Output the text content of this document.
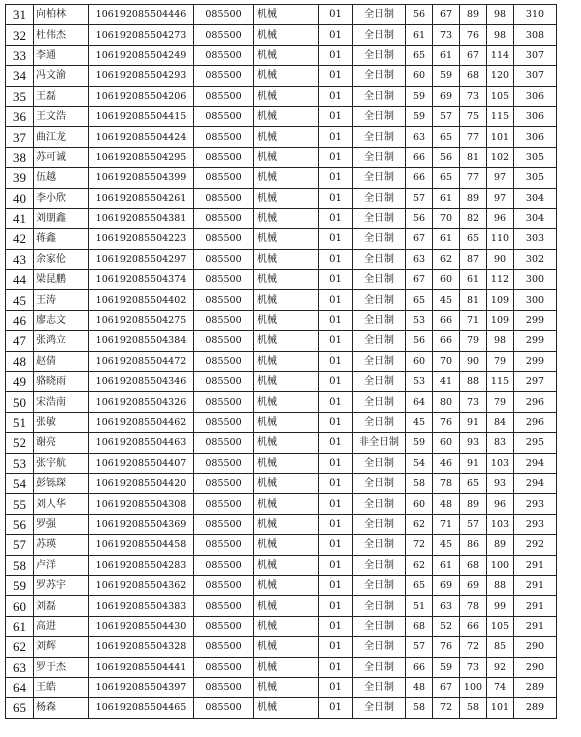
31	向柏林	106192085504446	085500	机械	01	全日制	56	67	89	98	310
32	杜伟杰	106192085504273	085500	机械	01	全日制	61	73	76	98	308
33	李通	106192085504249	085500	机械	01	全日制	65	61	67	114	307
34	冯文渝	106192085504293	085500	机械	01	全日制	60	59	68	120	307
35	王磊	106192085504206	085500	机械	01	全日制	59	69	73	105	306
36	王文浩	106192085504415	085500	机械	01	全日制	59	57	75	115	306
37	曲江龙	106192085504424	085500	机械	01	全日制	63	65	77	101	306
38	苏可诚	106192085504295	085500	机械	01	全日制	66	56	81	102	305
39	伍越	106192085504399	085500	机械	01	全日制	66	65	77	97	305
40	李小欣	106192085504261	085500	机械	01	全日制	57	61	89	97	304
41	刘朋鑫	106192085504381	085500	机械	01	全日制	56	70	82	96	304
42	蒋鑫	106192085504223	085500	机械	01	全日制	67	61	65	110	303
43	余家伦	106192085504297	085500	机械	01	全日制	63	62	87	90	302
44	梁昆鹏	106192085504374	085500	机械	01	全日制	67	60	61	112	300
45	王涛	106192085504402	085500	机械	01	全日制	65	45	81	109	300
46	廖志文	106192085504275	085500	机械	01	全日制	53	66	71	109	299
47	张鸿立	106192085504384	085500	机械	01	全日制	56	66	79	98	299
48	赵倩	106192085504472	085500	机械	01	全日制	60	70	90	79	299
49	骆晓雨	106192085504346	085500	机械	01	全日制	53	41	88	115	297
50	宋浩南	106192085504326	085500	机械	01	全日制	64	80	73	79	296
51	张敏	106192085504462	085500	机械	01	全日制	45	76	91	84	296
52	谢亮	106192085504463	085500	机械	01	非全日制	59	60	93	83	295
53	张宇航	106192085504407	085500	机械	01	全日制	54	46	91	103	294
54	彭铄琛	106192085504420	085500	机械	01	全日制	58	78	65	93	294
55	刘人华	106192085504308	085500	机械	01	全日制	60	48	89	96	293
56	罗强	106192085504369	085500	机械	01	全日制	62	71	57	103	293
57	苏瑛	106192085504458	085500	机械	01	全日制	72	45	86	89	292
58	卢洋	106192085504283	085500	机械	01	全日制	62	61	68	100	291
59	罗苏宇	106192085504362	085500	机械	01	全日制	65	69	69	88	291
60	刘磊	106192085504383	085500	机械	01	全日制	51	63	78	99	291
61	高进	106192085504430	085500	机械	01	全日制	68	52	66	105	291
62	刘辉	106192085504328	085500	机械	01	全日制	57	76	72	85	290
63	罗于杰	106192085504441	085500	机械	01	全日制	66	59	73	92	290
64	王皓	106192085504397	085500	机械	01	全日制	48	67	100	74	289
65	杨森	106192085504465	085500	机械	01	全日制	58	72	58	101	289
